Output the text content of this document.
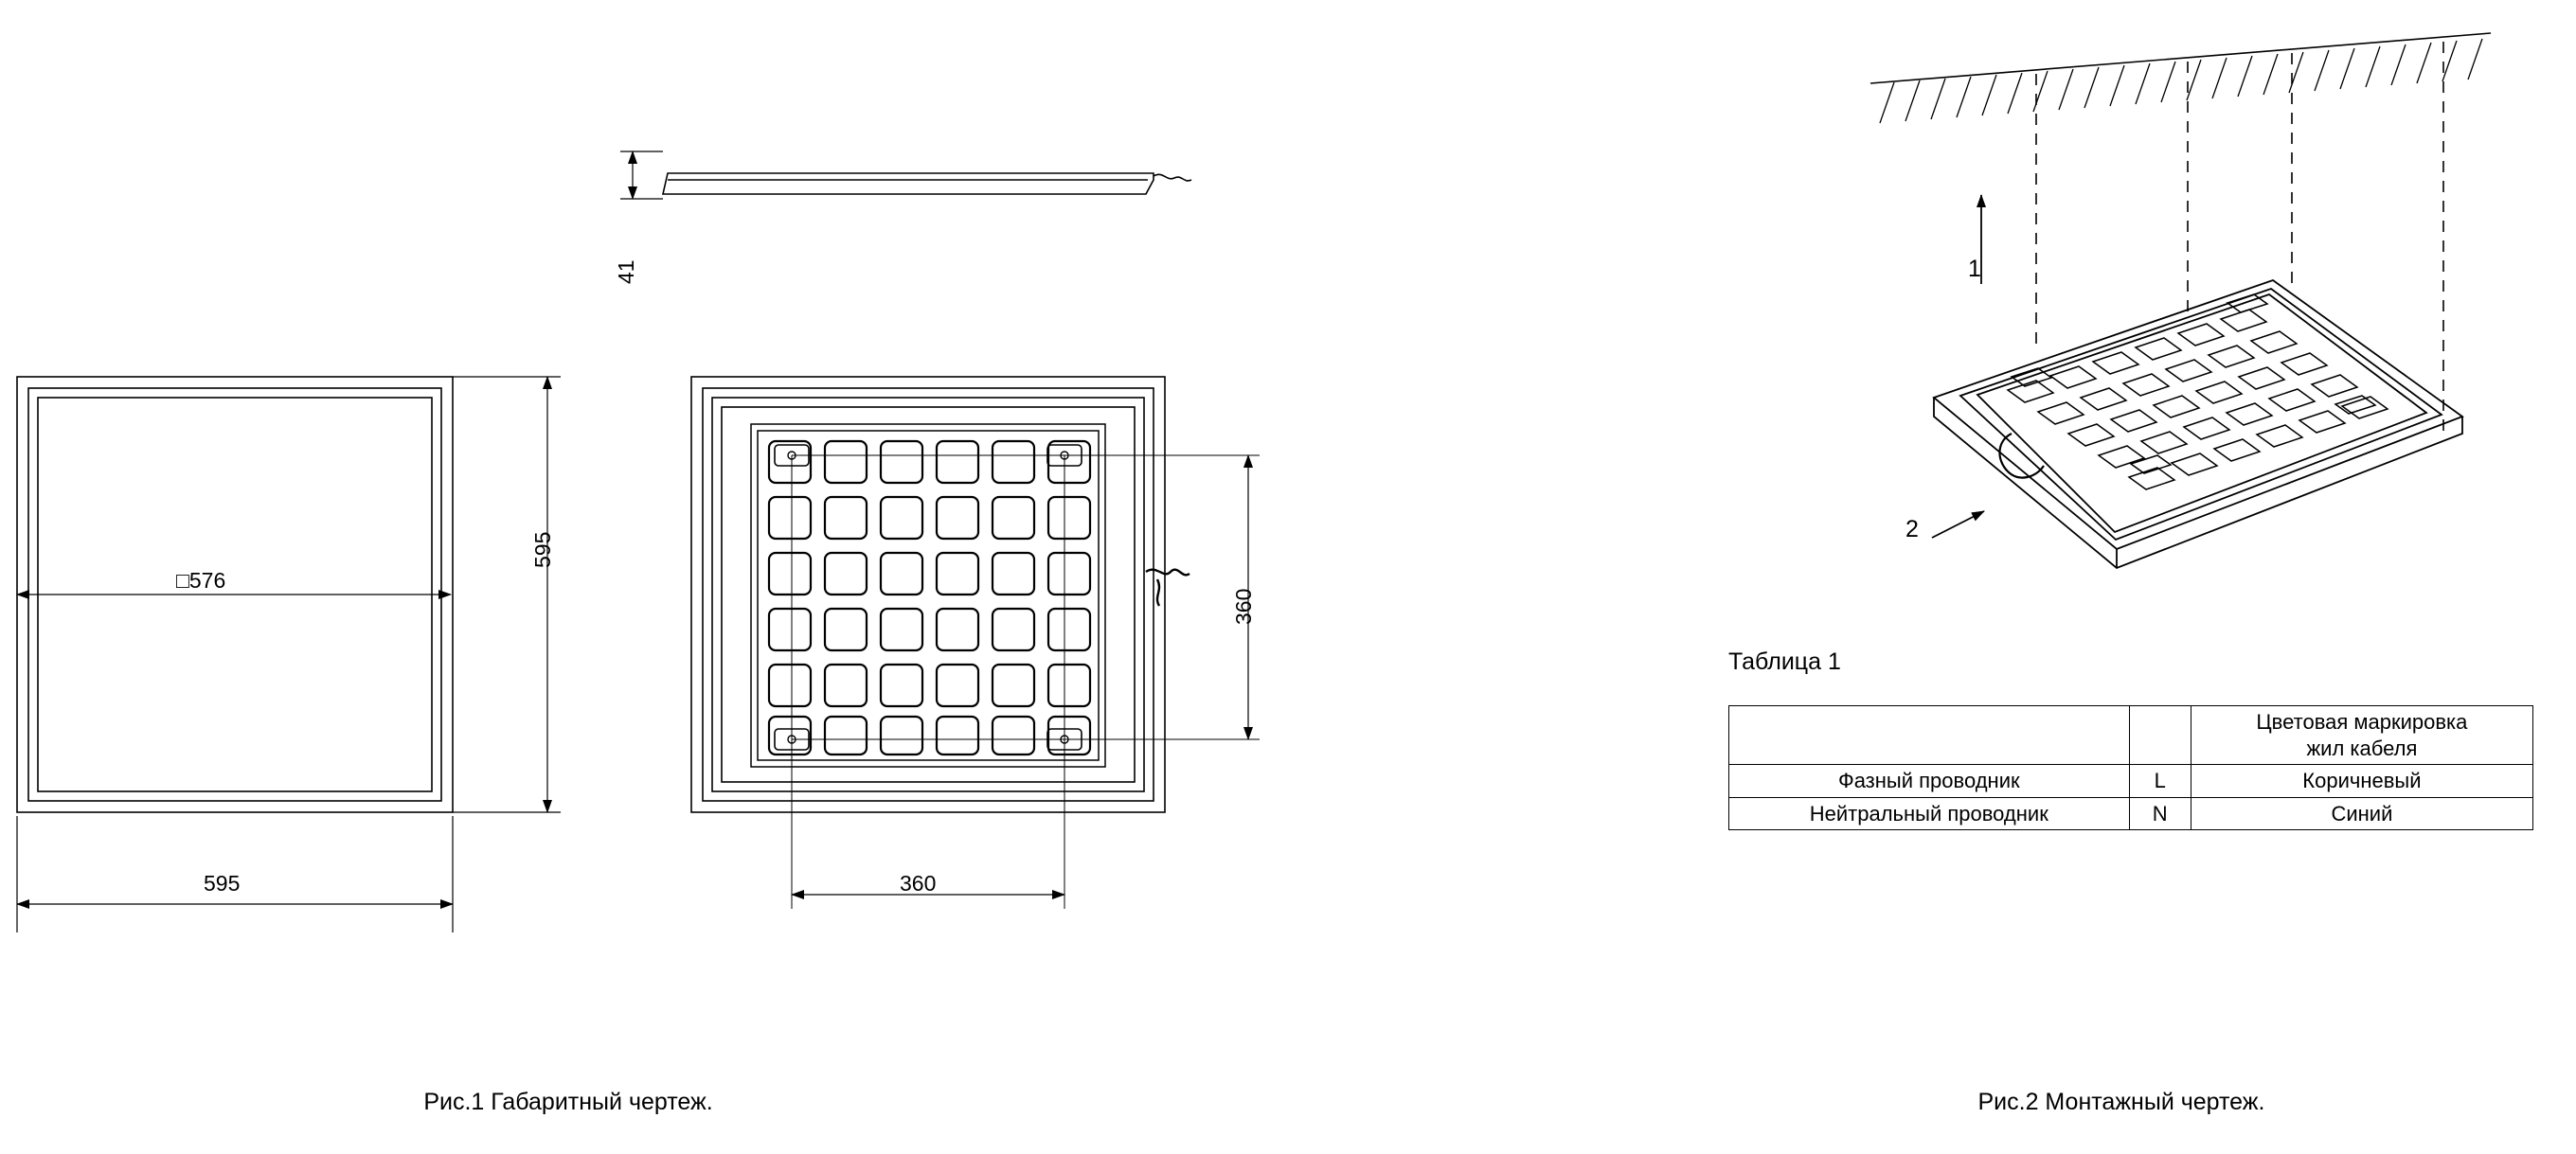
□576
595
595
41
360
360
1
2
Таблица 1
		Цветовая маркировка
жил кабеля
Фазный проводник	L	Коричневый
Нейтральный проводник	N	Синий
Рис.1 Габаритный чертеж.	Рис.2 Монтажный чертеж.
